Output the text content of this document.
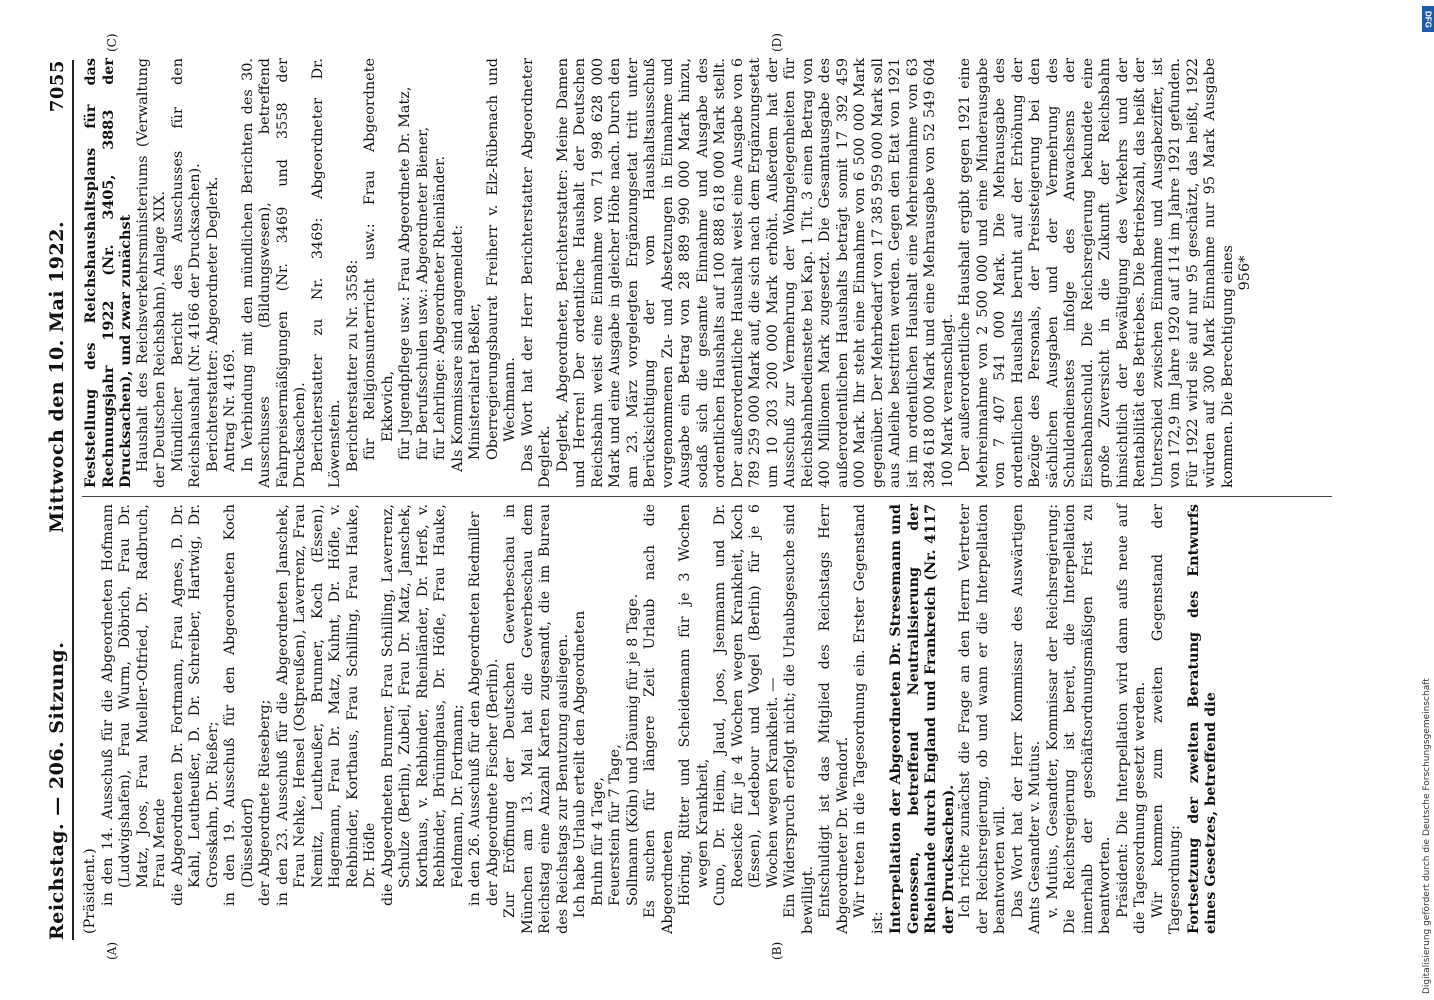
Reichstag. — 206. Sitzung.
Mittwoch den 10. Mai 1922.
7055
(A)	(B)
(C)	(D)

(Präsident.) in den 14. Ausschuß für die Abgeordneten Hofmann (Ludwigshafen), Frau Wurm, Döbrich, Frau Dr. Matz, Joos, Frau Mueller-Otfried, Dr. Radbruch, Frau Mende die Abgeordneten Dr. Fortmann, Frau Agnes, D. Dr. Kahl, Leutheußer, D. Dr. Schreiber, Hartwig, Dr. Grosskahn, Dr. Rießer; in den 19. Ausschuß für den Abgeordneten Koch (Düsseldorf) der Abgeordnete Rieseberg; in den 23. Ausschuß für die Abgeordneten Janschek, Frau Nehke, Hensel (Ostpreußen), Laverrenz, Frau Nemitz, Leutheußer, Brunner, Koch (Essen), Hagemann, Frau Dr. Matz, Kuhnt, Dr. Höfle, v. Rehbinder, Korthaus, Frau Schilling, Frau Hauke, Dr. Höfle die Abgeordneten Brunner, Frau Schilling, Laverrenz, Schulze (Berlin), Zubeil, Frau Dr. Matz, Janschek, Korthaus, v. Rehbinder, Rheinländer, Dr. Herß, v. Rehbinder, Brüninghaus, Dr. Höfle, Frau Hauke, Feldmann, Dr. Fortmann; in den 26. Ausschuß für den Abgeordneten Riedmiller der Abgeordnete Fischer (Berlin). Zur Eröffnung der Deutschen Gewerbeschau in München am 13. Mai hat die Gewerbeschau dem Reichstag eine Anzahl Karten zugesandt, die im Bureau des Reichstags zur Benutzung ausliegen. Ich habe Urlaub erteilt den Abgeordneten Bruhn für 4 Tage, Feuerstein für 7 Tage, Sollmann (Köln) und Däumig für je 8 Tage. Es suchen für längere Zeit Urlaub nach die Abgeordneten Höring, Ritter und Scheidemann für je 3 Wochen wegen Krankheit, Cuno, Dr. Heim, Jaud, Joos, Jsenmann und Dr. Roesicke für je 4 Wochen wegen Krankheit, Koch (Essen), Ledebour und Vogel (Berlin) für je 6 Wochen wegen Krankheit. — Ein Widerspruch erfolgt nicht; die Urlaubsgesuche sind bewilligt. Entschuldigt ist das Mitglied des Reichstags Herr Abgeordneter Dr. Wendorf. Wir treten in die Tagesordnung ein. Erster Gegenstand ist: Interpellation der Abgeordneten Dr. Stresemann und Genossen, betreffend Neutralisierung der Rheinlande durch England und Frankreich (Nr. 4117 der Drucksachen). Ich richte zunächst die Frage an den Herrn Vertreter der Reichsregierung, ob und wann er die Interpellation beantworten will. Das Wort hat der Herr Kommissar des Auswärtigen Amts Gesandter v. Mutius. v. Mutius, Gesandter, Kommissar der Reichsregierung: Die Reichsregierung ist bereit, die Interpellation innerhalb der geschäftsordnungsmäßigen Frist zu beantworten. Präsident: Die Interpellation wird dann aufs neue auf die Tagesordnung gesetzt werden. Wir kommen zum zweiten Gegenstand der Tagesordnung: Fortsetzung der zweiten Beratung des Entwurfs eines Gesetzes, betreffend die

Feststellung des Reichshaushaltsplans für das Rechnungsjahr 1922 (Nr. 3405, 3883 der Drucksachen), und zwar zunächst Haushalt des Reichsverkehrsministeriums (Verwaltung der Deutschen Reichsbahn). Anlage XIX. Mündlicher Bericht des Ausschusses für den Reichshaushalt (Nr. 4166 der Drucksachen). Berichterstatter: Abgeordneter Deglerk. Antrag Nr. 4169. In Verbindung mit den mündlichen Berichten des 30. Ausschusses (Bildungswesen), betreffend Fahrpreisermäßigungen (Nr. 3469 und 3558 der Drucksachen). Berichterstatter zu Nr. 3469: Abgeordneter Dr. Löwenstein. Berichterstatter zu Nr. 3558: für Religionsunterricht usw.: Frau Abgeordnete Ekkovich, für Jugendpflege usw.: Frau Abgeordnete Dr. Matz, für Berufsschulen usw.: Abgeordneter Biener, für Lehrlinge: Abgeordneter Rheinländer. Als Kommissare sind angemeldet: Ministerialrat Beßler, Oberregierungsbaurat Freiherr v. Elz-Rübenach und Wechmann. Das Wort hat der Herr Berichterstatter Abgeordneter Deglerk. Deglerk, Abgeordneter, Berichterstatter: Meine Damen und Herren! Der ordentliche Haushalt der Deutschen Reichsbahn weist eine Einnahme von 71 998 628 000 Mark und eine Ausgabe in gleicher Höhe nach. Durch den am 23. März vorgelegten Ergänzungsetat tritt unter Berücksichtigung der vom Haushaltsausschuß vorgenommenen Zu- und Absetzungen in Einnahme und Ausgabe ein Betrag von 28 889 990 000 Mark hinzu, sodaß sich die gesamte Einnahme und Ausgabe des ordentlichen Haushalts auf 100 888 618 000 Mark stellt. Der außerordentliche Haushalt weist eine Ausgabe von 6 789 259 000 Mark auf, die sich nach dem Ergänzungsetat um 10 203 200 000 Mark erhöht. Außerdem hat der Ausschuß zur Vermehrung der Wohngelegenheiten für Reichsbahnbedienstete bei Kap. 1 Tit. 3 einen Betrag von 400 Millionen Mark zugesetzt. Die Gesamtausgabe des außerordentlichen Haushalts beträgt somit 17 392 459 000 Mark. Ihr steht eine Einnahme von 6 500 000 Mark gegenüber. Der Mehrbedarf von 17 385 959 000 Mark soll aus Anleihe bestritten werden. Gegen den Etat von 1921 ist im ordentlichen Haushalt eine Mehreinnahme von 63 384 618 000 Mark und eine Mehrausgabe von 52 549 604 100 Mark veranschlagt. Der außerordentliche Haushalt ergibt gegen 1921 eine Mehreinnahme von 2 500 000 und eine Minderausgabe von 7 407 541 000 Mark. Die Mehrausgabe des ordentlichen Haushalts beruht auf der Erhöhung der Bezüge des Personals, der Preissteigerung bei den sächlichen Ausgaben und der Vermehrung des Schuldendienstes infolge des Anwachsens der Eisenbahnschuld. Die Reichsregierung bekundete eine große Zuversicht in die Zukunft der Reichsbahn hinsichtlich der Bewältigung des Verkehrs und der Rentabilität des Betriebes. Die Betriebszahl, das heißt der Unterschied zwischen Einnahme und Ausgabeziffer, ist von 172,9 im Jahre 1920 auf 114 im Jahre 1921 gefunden. Für 1922 wird sie auf nur 95 geschätzt, das heißt, 1922 würden auf 300 Mark Einnahme nur 95 Mark Ausgabe kommen. Die Berechtigung eines 956*

Digitalisierung gefördert durch die Deutsche Forschungsgemeinschaft
DFG
